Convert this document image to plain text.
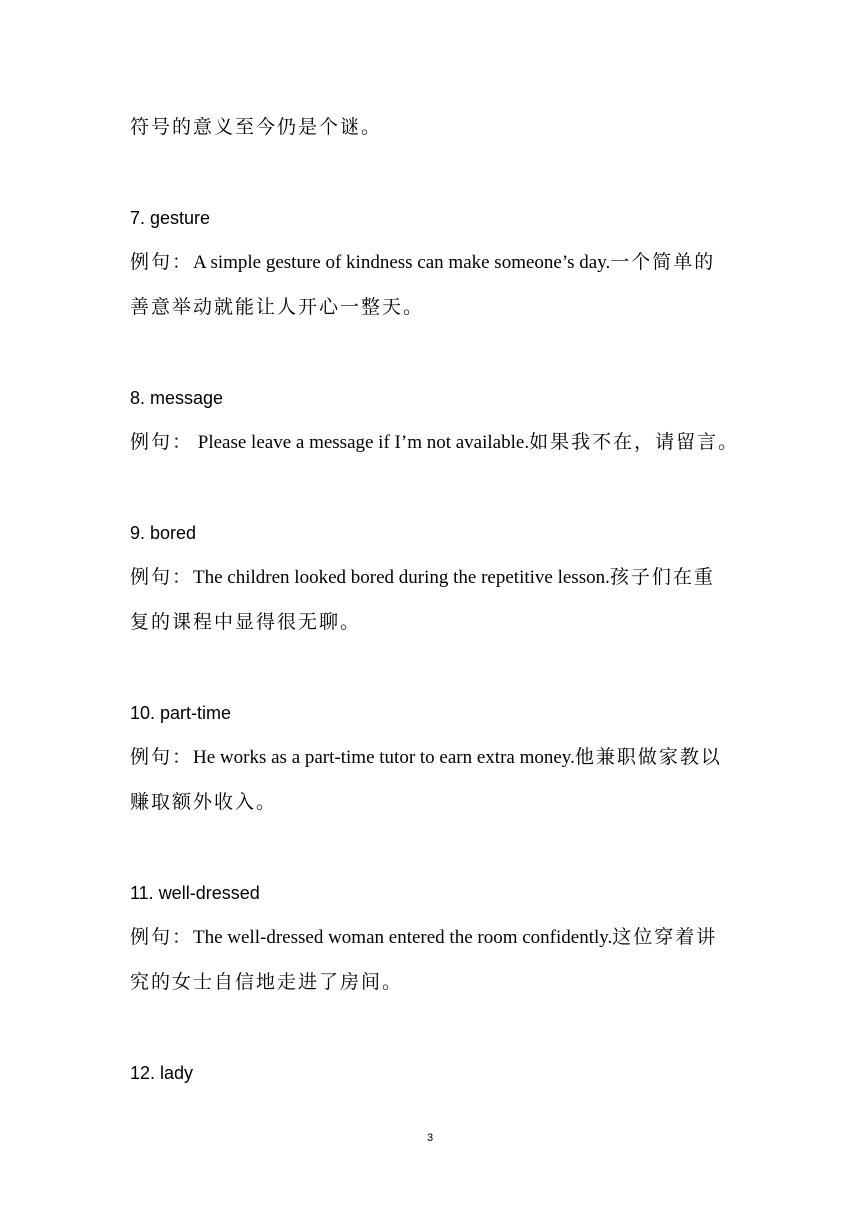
符号的意义至今仍是个谜。
7. gesture
例句：A simple gesture of kindness can make someone’s day.一个简单的
善意举动就能让人开心一整天。
8. message
例句： Please leave a message if I’m not available.如果我不在，请留言。
9. bored
例句：The children looked bored during the repetitive lesson.孩子们在重
复的课程中显得很无聊。
10. part-time
例句：He works as a part-time tutor to earn extra money.他兼职做家教以
赚取额外收入。
11. well-dressed
例句：The well-dressed woman entered the room confidently.这位穿着讲
究的女士自信地走进了房间。
12. lady
3
